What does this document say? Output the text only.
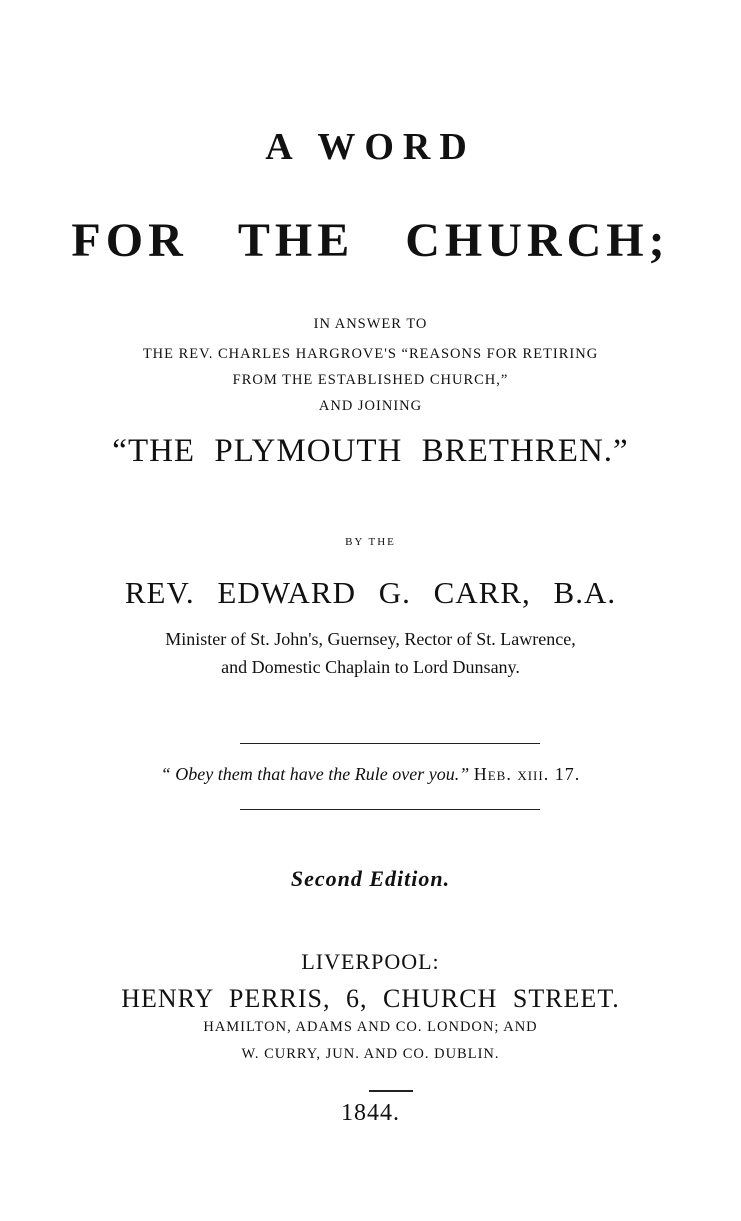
A WORD
FOR THE CHURCH;
IN ANSWER TO
THE REV. CHARLES HARGROVE'S “REASONS FOR RETIRING
FROM THE ESTABLISHED CHURCH,”
AND JOINING
“THE PLYMOUTH BRETHREN.”
BY THE
REV. EDWARD G. CARR, B.A.
Minister of St. John's, Guernsey, Rector of St. Lawrence,
and Domestic Chaplain to Lord Dunsany.
“ Obey them that have the Rule over you.” Heb. xiii. 17.
Second Edition.
LIVERPOOL:
HENRY PERRIS, 6, CHURCH STREET.
HAMILTON, ADAMS AND CO. LONDON; AND
W. CURRY, JUN. AND CO. DUBLIN.
1844.
